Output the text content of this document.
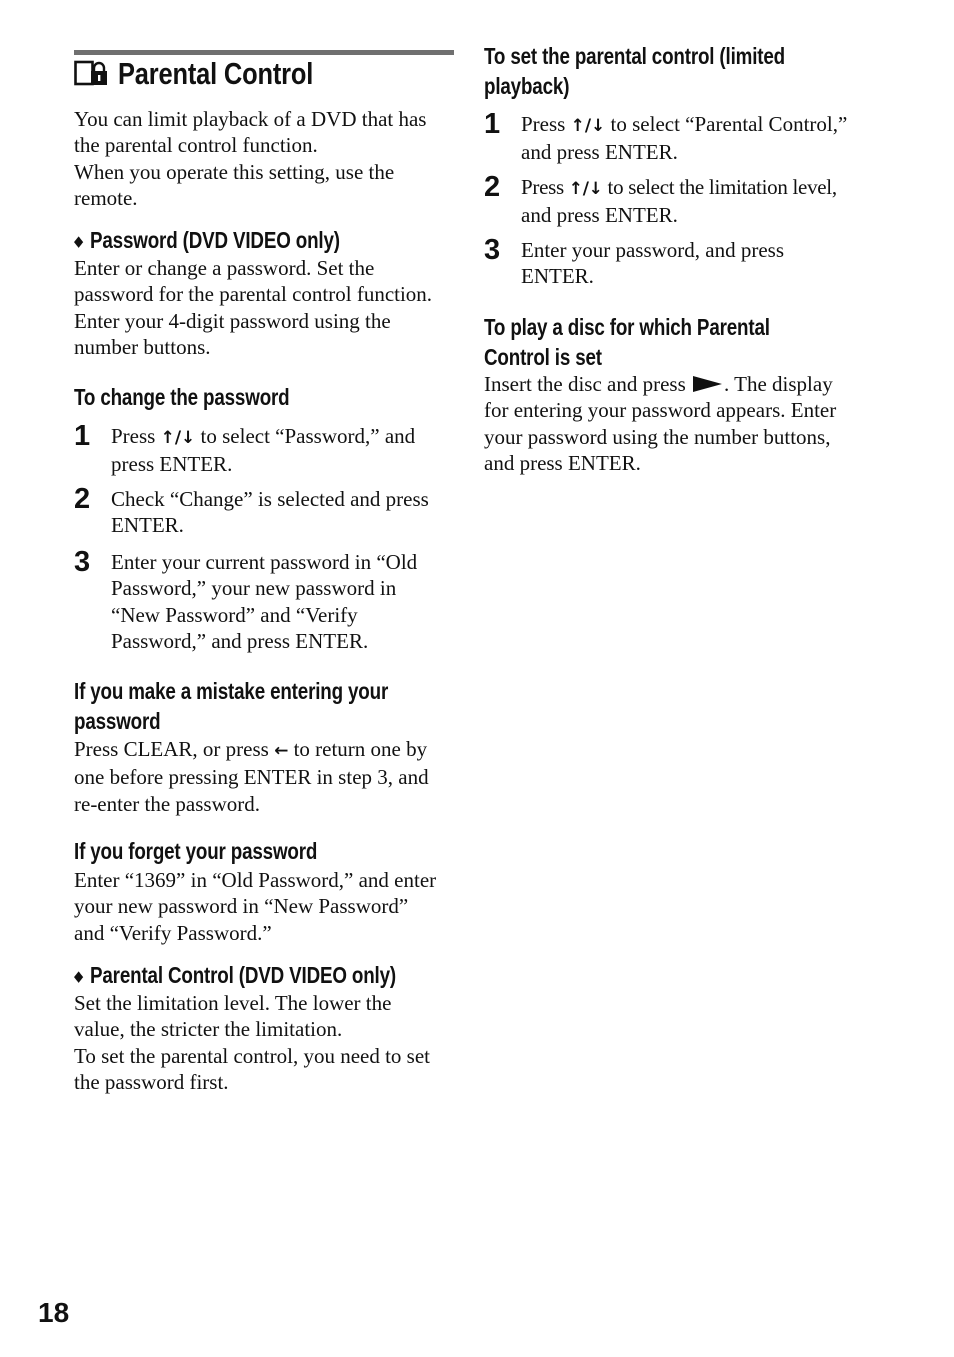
Parental Control
You can limit playback of a DVD that has
the parental control function.
When you operate this setting, use the
remote.
◆ Password (DVD VIDEO only)
Enter or change a password. Set the
password for the parental control function.
Enter your 4-digit password using the
number buttons.
To change the password
1 Press ↑/↓ to select “Password,” and
press ENTER.
2 Check “Change” is selected and press
ENTER.
3 Enter your current password in “Old
Password,” your new password in
“New Password” and “Verify
Password,” and press ENTER.
If you make a mistake entering your
password
Press CLEAR, or press ← to return one by
one before pressing ENTER in step 3, and
re-enter the password.
If you forget your password
Enter “1369” in “Old Password,” and enter
your new password in “New Password”
and “Verify Password.”
◆ Parental Control (DVD VIDEO only)
Set the limitation level. The lower the
value, the stricter the limitation.
To set the parental control, you need to set
the password first.
To set the parental control (limited
playback)
1 Press ↑/↓ to select “Parental Control,”
and press ENTER.
2 Press ↑/↓ to select the limitation level,
and press ENTER.
3 Enter your password, and press
ENTER.
To play a disc for which Parental
Control is set
Insert the disc and press . The display
for entering your password appears. Enter
your password using the number buttons,
and press ENTER.
18
